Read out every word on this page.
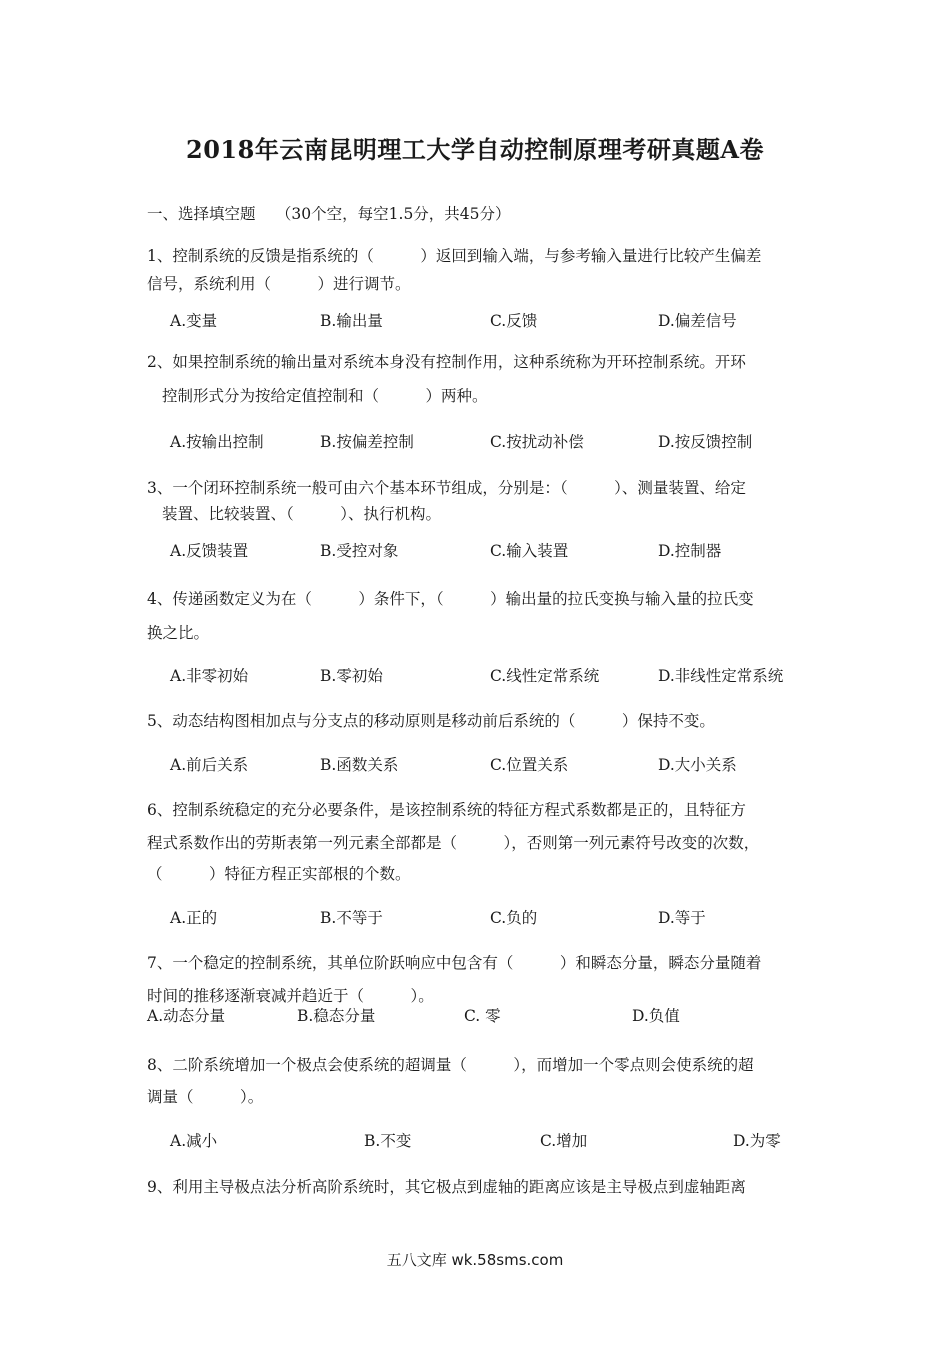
2018年云南昆明理工大学自动控制原理考研真题A卷
一、选择填空题　 （30个空，每空1.5分，共45分）
1、控制系统的反馈是指系统的（　　　）返回到输入端，与参考输入量进行比较产生偏差
信号，系统利用（　　　）进行调节。
A.变量	B.输出量	C.反馈	D.偏差信号
2、如果控制系统的输出量对系统本身没有控制作用，这种系统称为开环控制系统。开环
控制形式分为按给定值控制和（　　　）两种。
A.按输出控制	B.按偏差控制	C.按扰动补偿	D.按反馈控制
3、一个闭环控制系统一般可由六个基本环节组成，分别是：（　　　）、测量装置、给定
装置、比较装置、（　　　）、执行机构。
A.反馈装置	B.受控对象	C.输入装置	D.控制器
4、传递函数定义为在（　　　）条件下，（　　　）输出量的拉氏变换与输入量的拉氏变
换之比。
A.非零初始	B.零初始	C.线性定常系统	D.非线性定常系统
5、动态结构图相加点与分支点的移动原则是移动前后系统的（　　　）保持不变。
A.前后关系	B.函数关系	C.位置关系	D.大小关系
6、控制系统稳定的充分必要条件，是该控制系统的特征方程式系数都是正的，且特征方
程式系数作出的劳斯表第一列元素全部都是（　　　），否则第一列元素符号改变的次数，
（　　　）特征方程正实部根的个数。
A.正的	B.不等于	C.负的	D.等于
7、一个稳定的控制系统，其单位阶跃响应中包含有（　　　）和瞬态分量，瞬态分量随着
时间的推移逐渐衰减并趋近于（　　　）。
A.动态分量	B.稳态分量	C. 零	D.负值
8、二阶系统增加一个极点会使系统的超调量（　　　），而增加一个零点则会使系统的超
调量（　　　）。
A.减小	B.不变	C.增加	D.为零
9、利用主导极点法分析高阶系统时，其它极点到虚轴的距离应该是主导极点到虚轴距离
五八文库 wk.58sms.com
